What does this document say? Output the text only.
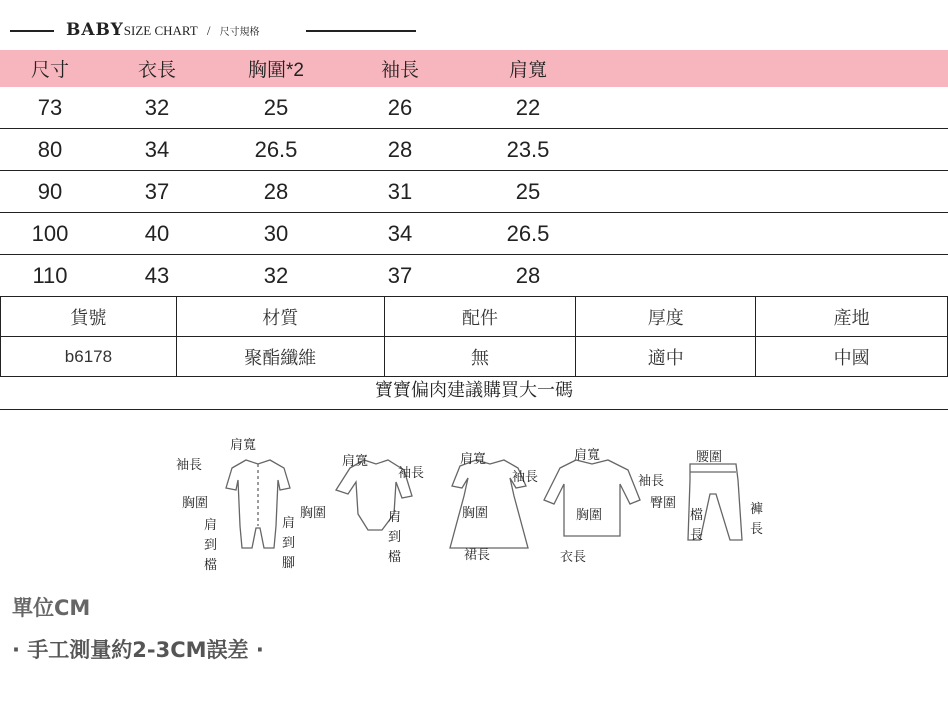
BABYSIZE CHART / 尺寸規格
尺寸	衣長	胸圍*2	袖長	肩寬	
73	32	25	26	22	
80	34	26.5	28	23.5	
90	37	28	31	25	
100	40	30	34	26.5	
110	43	32	37	28	
貨號	材質	配件	厚度	產地
b6178	聚酯纖維	無	適中	中國
寶寶偏肉建議購買大一碼
肩寬
袖長
胸圍
肩
到
檔
肩
到
腳
肩寬
袖長
胸圍	肩
到
檔
肩寬
袖長
胸圍
裙長
肩寬
袖長
胸圍
衣長
腰圍
臀圍
檔
長
褲
長
單位CM
· 手工測量約2-3CM誤差 ·
